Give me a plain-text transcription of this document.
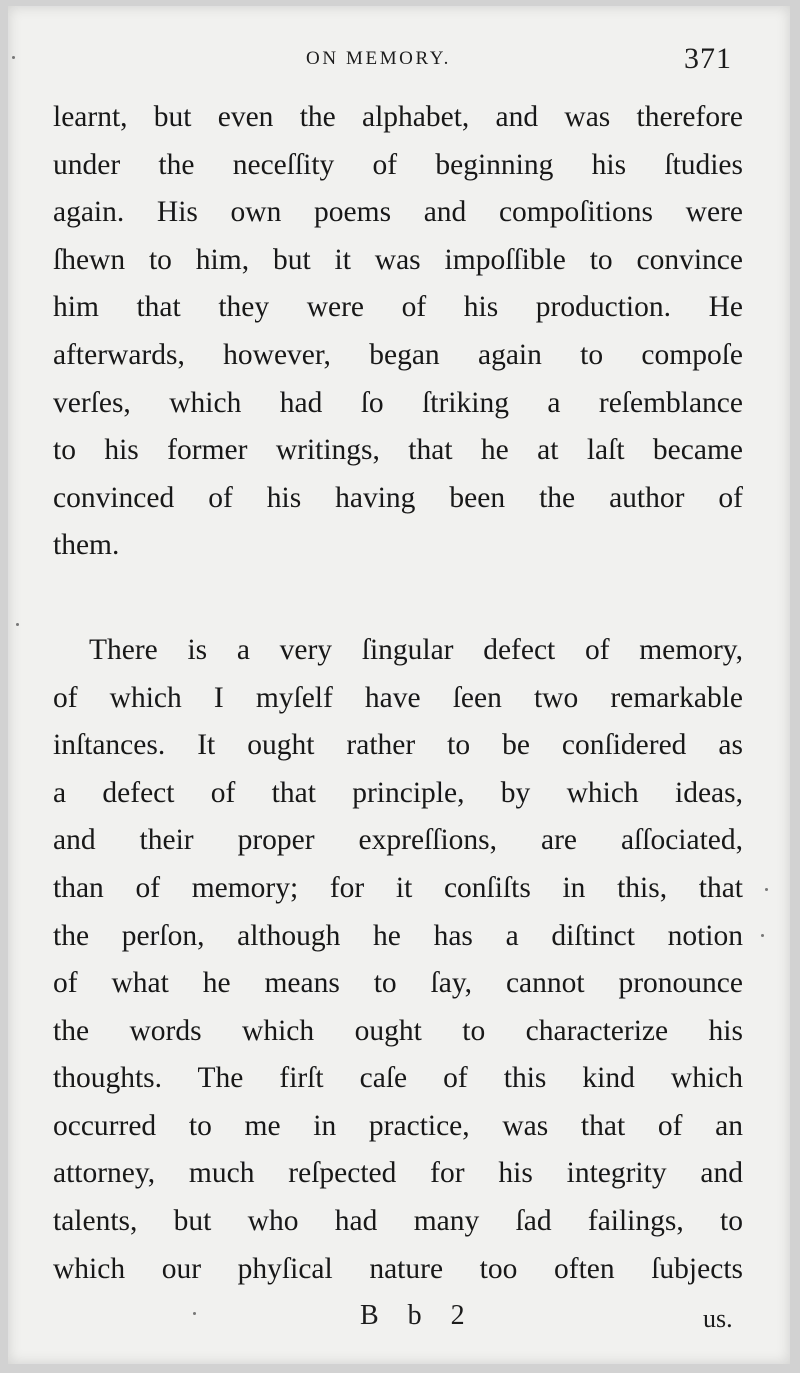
ON MEMORY.	371
learnt, but even the alphabet, and was therefore
under the neceſſity of beginning his ſtudies
again. His own poems and compoſitions were
ſhewn to him, but it was impoſſible to convince
him that they were of his production. He
afterwards, however, began again to compoſe
verſes, which had ſo ſtriking a reſemblance
to his former writings, that he at laſt became
convinced of his having been the author of
them.
There is a very ſingular defect of memory,
of which I myſelf have ſeen two remarkable
inſtances. It ought rather to be conſidered as
a defect of that principle, by which ideas,
and their proper expreſſions, are aſſociated,
than of memory; for it conſiſts in this, that
the perſon, although he has a diſtinct notion
of what he means to ſay, cannot pronounce
the words which ought to characterize his
thoughts. The firſt caſe of this kind which
occurred to me in practice, was that of an
attorney, much reſpected for his integrity and
talents, but who had many ſad failings, to
which our phyſical nature too often ſubjects
B b 2	us.
